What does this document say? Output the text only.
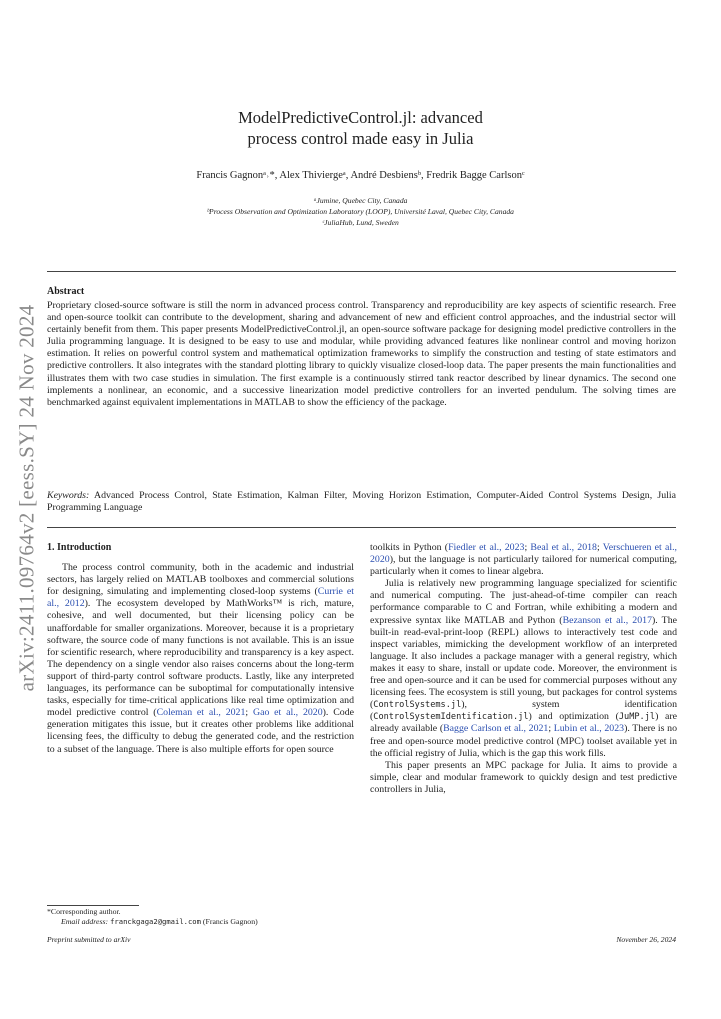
ModelPredictiveControl.jl: advanced
process control made easy in Julia
Francis Gagnonᵃ˒*, Alex Thiviergeᵃ, André Desbiensᵇ, Fredrik Bagge Carlsonᶜ
ᵃJumine, Quebec City, Canada
ᵇProcess Observation and Optimization Laboratory (LOOP), Université Laval, Quebec City, Canada
ᶜJuliaHub, Lund, Sweden
arXiv:2411.09764v2 [eess.SY] 24 Nov 2024
Abstract
Proprietary closed-source software is still the norm in advanced process control. Transparency and reproducibility are key aspects of scientific research. Free and open-source toolkit can contribute to the development, sharing and advancement of new and efficient control approaches, and the industrial sector will certainly benefit from them. This paper presents ModelPredictiveControl.jl, an open-source software package for designing model predictive controllers in the Julia programming language. It is designed to be easy to use and modular, while providing advanced features like nonlinear control and moving horizon estimation. It relies on powerful control system and mathematical optimization frameworks to simplify the construction and testing of state estimators and predictive controllers. It also integrates with the standard plotting library to quickly visualize closed-loop data. The paper presents the main functionalities and illustrates them with two case studies in simulation. The first example is a continuously stirred tank reactor described by linear dynamics. The second one implements a nonlinear, an economic, and a successive linearization model predictive controllers for an inverted pendulum. The solving times are benchmarked against equivalent implementations in MATLAB to show the efficiency of the package.
Keywords: Advanced Process Control, State Estimation, Kalman Filter, Moving Horizon Estimation, Computer-Aided Control Systems Design, Julia Programming Language
1. Introduction

The process control community, both in the academic and industrial sectors, has largely relied on MATLAB toolboxes and commercial solutions for designing, simulating and implementing closed-loop systems (Currie et al., 2012). The ecosystem developed by MathWorks™ is rich, mature, cohesive, and well documented, but their licensing policy can be unaffordable for smaller organizations. Moreover, because it is a proprietary software, the source code of many functions is not available. This is an issue for scientific research, where reproducibility and transparency is a key aspect. The dependency on a single vendor also raises concerns about the long-term support of third-party control software products. Lastly, like any interpreted languages, its performance can be suboptimal for computationally intensive tasks, especially for time-critical applications like real time optimization and model predictive control (Coleman et al., 2021; Gao et al., 2020). Code generation mitigates this issue, but it creates other problems like additional licensing fees, the difficulty to debug the generated code, and the restriction to a subset of the language. There is also multiple efforts for open source

toolkits in Python (Fiedler et al., 2023; Beal et al., 2018; Verschueren et al., 2020), but the language is not particularly tailored for numerical computing, particularly when it comes to linear algebra.

Julia is relatively new programming language specialized for scientific and numerical computing. The just-ahead-of-time compiler can reach performance comparable to C and Fortran, while exhibiting a modern and expressive syntax like MATLAB and Python (Bezanson et al., 2017). The built-in read-eval-print-loop (REPL) allows to interactively test code and inspect variables, mimicking the development workflow of an interpreted language. It also includes a package manager with a general registry, which makes it easy to share, install or update code. Moreover, the environment is free and open-source and it can be used for commercial purposes without any licensing fees. The ecosystem is still young, but packages for control systems (ControlSystems.jl), system identification (ControlSystemIdentification.jl) and optimization (JuMP.jl) are already available (Bagge Carlson et al., 2021; Lubin et al., 2023). There is no free and open-source model predictive control (MPC) toolset available yet in the official registry of Julia, which is the gap this work fills.

This paper presents an MPC package for Julia. It aims to provide a simple, clear and modular framework to quickly design and test predictive controllers in Julia,

*Corresponding author.
Email address: franckgaga2@gmail.com (Francis Gagnon)
Preprint submitted to arXiv	November 26, 2024
